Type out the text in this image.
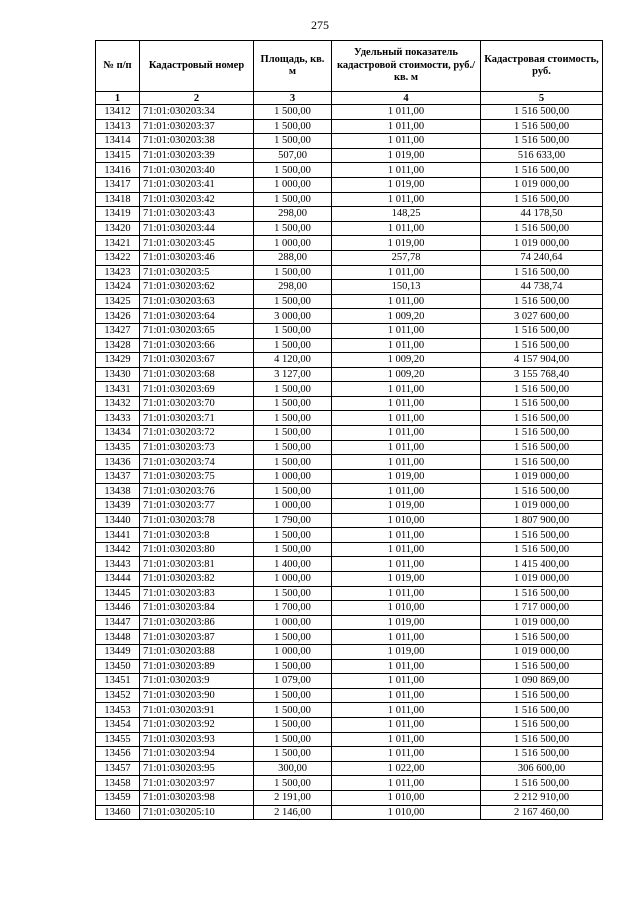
275
№ п/п	Кадастровый номер	Площадь, кв. м	Удельный показатель кадастровой стоимости, руб./кв. м	Кадастровая стоимость, руб.
1	2	3	4	5
13412	71:01:030203:34	1 500,00	1 011,00	1 516 500,00
13413	71:01:030203:37	1 500,00	1 011,00	1 516 500,00
13414	71:01:030203:38	1 500,00	1 011,00	1 516 500,00
13415	71:01:030203:39	507,00	1 019,00	516 633,00
13416	71:01:030203:40	1 500,00	1 011,00	1 516 500,00
13417	71:01:030203:41	1 000,00	1 019,00	1 019 000,00
13418	71:01:030203:42	1 500,00	1 011,00	1 516 500,00
13419	71:01:030203:43	298,00	148,25	44 178,50
13420	71:01:030203:44	1 500,00	1 011,00	1 516 500,00
13421	71:01:030203:45	1 000,00	1 019,00	1 019 000,00
13422	71:01:030203:46	288,00	257,78	74 240,64
13423	71:01:030203:5	1 500,00	1 011,00	1 516 500,00
13424	71:01:030203:62	298,00	150,13	44 738,74
13425	71:01:030203:63	1 500,00	1 011,00	1 516 500,00
13426	71:01:030203:64	3 000,00	1 009,20	3 027 600,00
13427	71:01:030203:65	1 500,00	1 011,00	1 516 500,00
13428	71:01:030203:66	1 500,00	1 011,00	1 516 500,00
13429	71:01:030203:67	4 120,00	1 009,20	4 157 904,00
13430	71:01:030203:68	3 127,00	1 009,20	3 155 768,40
13431	71:01:030203:69	1 500,00	1 011,00	1 516 500,00
13432	71:01:030203:70	1 500,00	1 011,00	1 516 500,00
13433	71:01:030203:71	1 500,00	1 011,00	1 516 500,00
13434	71:01:030203:72	1 500,00	1 011,00	1 516 500,00
13435	71:01:030203:73	1 500,00	1 011,00	1 516 500,00
13436	71:01:030203:74	1 500,00	1 011,00	1 516 500,00
13437	71:01:030203:75	1 000,00	1 019,00	1 019 000,00
13438	71:01:030203:76	1 500,00	1 011,00	1 516 500,00
13439	71:01:030203:77	1 000,00	1 019,00	1 019 000,00
13440	71:01:030203:78	1 790,00	1 010,00	1 807 900,00
13441	71:01:030203:8	1 500,00	1 011,00	1 516 500,00
13442	71:01:030203:80	1 500,00	1 011,00	1 516 500,00
13443	71:01:030203:81	1 400,00	1 011,00	1 415 400,00
13444	71:01:030203:82	1 000,00	1 019,00	1 019 000,00
13445	71:01:030203:83	1 500,00	1 011,00	1 516 500,00
13446	71:01:030203:84	1 700,00	1 010,00	1 717 000,00
13447	71:01:030203:86	1 000,00	1 019,00	1 019 000,00
13448	71:01:030203:87	1 500,00	1 011,00	1 516 500,00
13449	71:01:030203:88	1 000,00	1 019,00	1 019 000,00
13450	71:01:030203:89	1 500,00	1 011,00	1 516 500,00
13451	71:01:030203:9	1 079,00	1 011,00	1 090 869,00
13452	71:01:030203:90	1 500,00	1 011,00	1 516 500,00
13453	71:01:030203:91	1 500,00	1 011,00	1 516 500,00
13454	71:01:030203:92	1 500,00	1 011,00	1 516 500,00
13455	71:01:030203:93	1 500,00	1 011,00	1 516 500,00
13456	71:01:030203:94	1 500,00	1 011,00	1 516 500,00
13457	71:01:030203:95	300,00	1 022,00	306 600,00
13458	71:01:030203:97	1 500,00	1 011,00	1 516 500,00
13459	71:01:030203:98	2 191,00	1 010,00	2 212 910,00
13460	71:01:030205:10	2 146,00	1 010,00	2 167 460,00
